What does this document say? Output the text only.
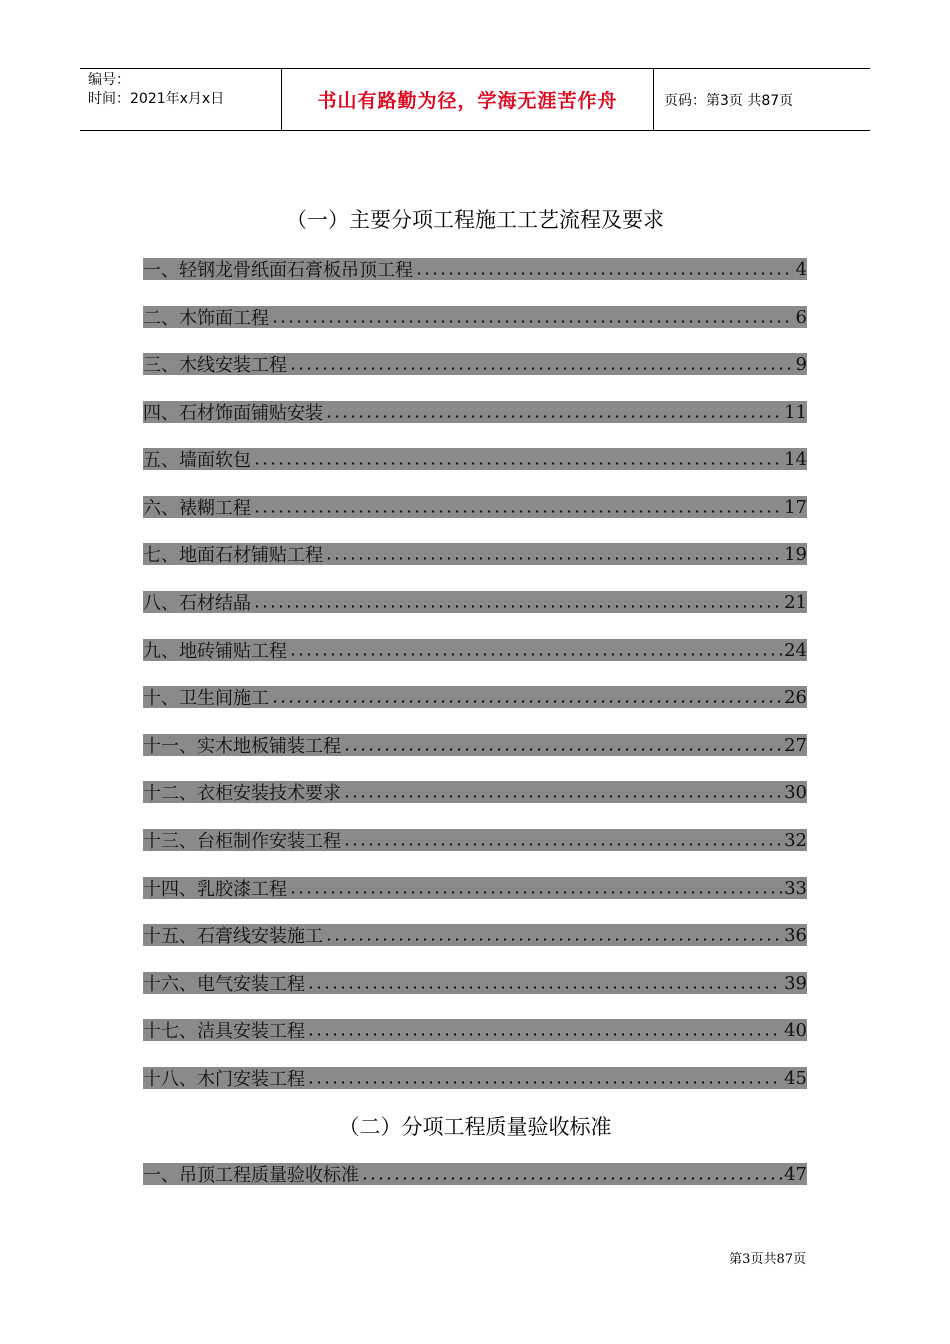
编号：
时间：2021年x月x日	书山有路勤为径，学海无涯苦作舟	页码：第3页 共87页
（一）主要分项工程施工工艺流程及要求
一、轻钢龙骨纸面石膏板吊顶工程	4
二、木饰面工程	6
三、木线安装工程	9
四、石材饰面铺贴安装	11
五、墙面软包	14
六、裱糊工程	17
七、地面石材铺贴工程	19
八、石材结晶	21
九、地砖铺贴工程	24
十、卫生间施工	26
十一、实木地板铺装工程	27
十二、衣柜安装技术要求	30
十三、台柜制作安装工程	32
十四、乳胶漆工程	33
十五、石膏线安装施工	36
十六、电气安装工程	39
十七、洁具安装工程	40
十八、木门安装工程	45
（二）分项工程质量验收标准
一、吊顶工程质量验收标准	47
第3页共87页
